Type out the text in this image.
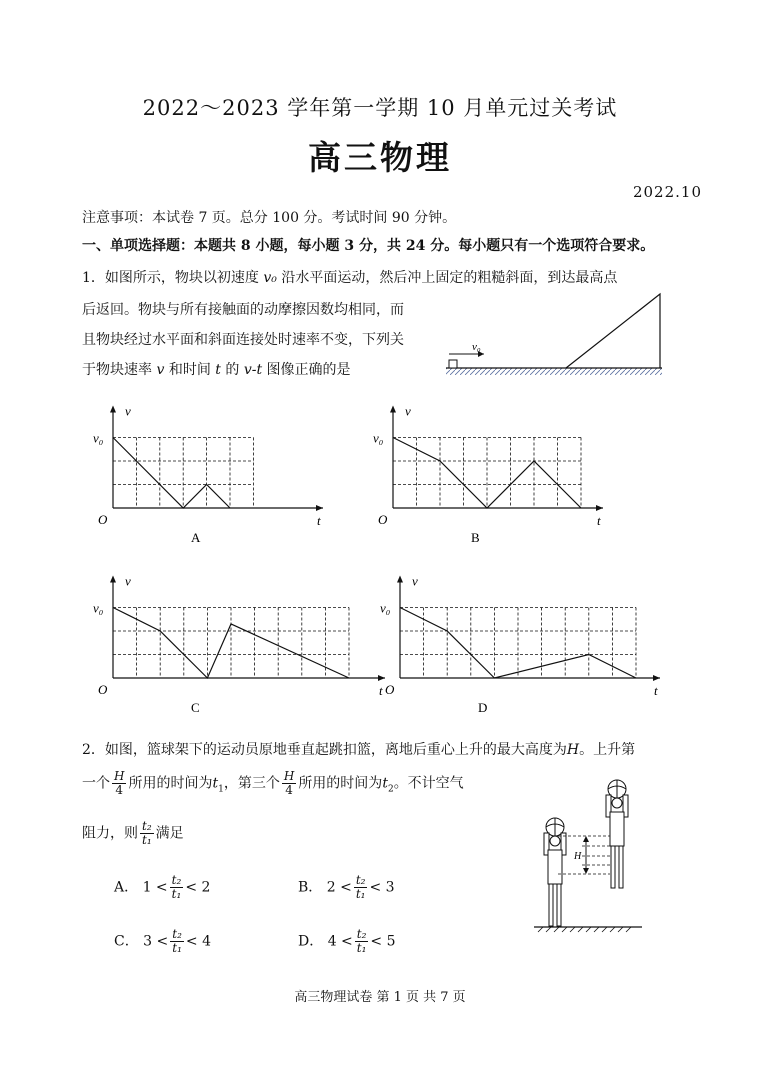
2022～2023 学年第一学期 10 月单元过关考试
高三物理
2022.10
注意事项：本试卷 7 页。总分 100 分。考试时间 90 分钟。
一、单项选择题：本题共 8 小题，每小题 3 分，共 24 分。每小题只有一个选项符合要求。
1．如图所示，物块以初速度 v₀ 沿水平面运动，然后冲上固定的粗糙斜面，到达最高点
后返回。物块与所有接触面的动摩擦因数均相同，而
且物块经过水平面和斜面连接处时速率不变，下列关
于物块速率 v 和时间 t 的 v-t 图像正确的是
v₀
v
t
O
v₀
A
v
t
O
v₀
B
v
t
O
v₀
C
v
t
O
v₀
D
2．如图，篮球架下的运动员原地垂直起跳扣篮，离地后重心上升的最大高度为H。上升第
一个 $\frac{H}{4}$ 所用的时间为$t_1$，第三个 $\frac{H}{4}$ 所用的时间为$t_2$。不计空气
阻力，则 $\frac{\text{t₂}}{\text{t₁}}$ 满足
A． $1 < \frac{\text{t₂}}{\text{t₁}} < 2$	B． $2 < \frac{\text{t₂}}{\text{t₁}} < 3$
C． $3 < \frac{\text{t₂}}{\text{t₁}} < 4$	D． $4 < \frac{\text{t₂}}{\text{t₁}} < 5$
H
高三物理试卷 第 1 页 共 7 页
